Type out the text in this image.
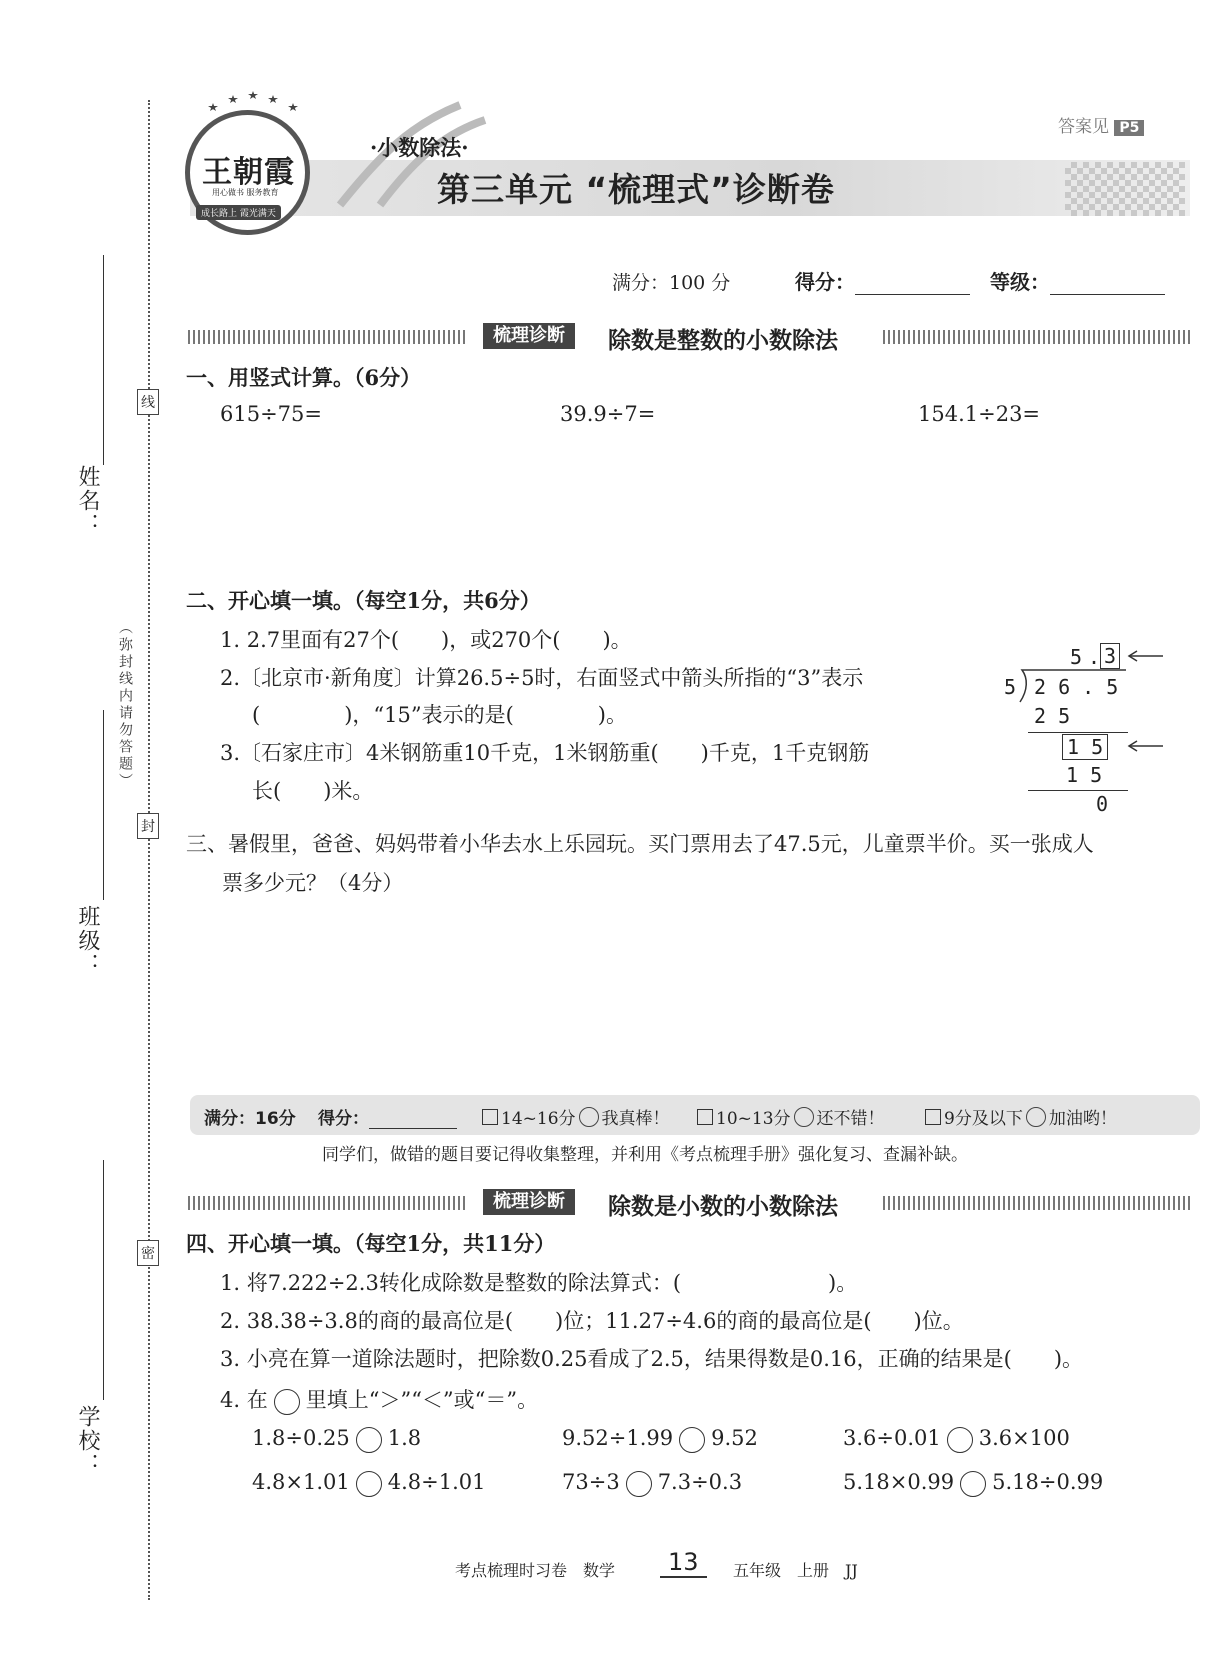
姓名：
班级：
学校：
线
封
密
（弥封线内请勿答题）
王朝霞
用心做书 服务教育
成长路上 霞光满天
·小数除法·
第三单元 “梳理式”诊断卷
答案见 P5
满分：100 分	得分：	等级：
梳理诊断	除数是整数的小数除法
一、用竖式计算。（6分）
615÷75=	39.9÷7=	154.1÷23=
二、开心填一填。（每空1分，共6分）
1. 2.7里面有27个(　　)，或270个(　　)。
2.〔北京市·新角度〕计算26.5÷5时，右面竖式中箭头所指的“3”表示
(　　　　)，“15”表示的是(　　　　)。
3.〔石家庄市〕4米钢筋重10千克，1米钢筋重(　　)千克，1千克钢筋
长(　　)米。
5 . 3
5 2 6 . 5
2 5
1 5
1 5
0
三、暑假里，爸爸、妈妈带着小华去水上乐园玩。买门票用去了47.5元，儿童票半价。买一张成人
票多少元？（4分）
满分：16分 得分：	14~16分 我真棒！	10~13分 还不错！	9分及以下 加油哟！
同学们，做错的题目要记得收集整理，并利用《考点梳理手册》强化复习、查漏补缺。
梳理诊断	除数是小数的小数除法
四、开心填一填。（每空1分，共11分）
1. 将7.222÷2.3转化成除数是整数的除法算式：(　　　　　　　)。
2. 38.38÷3.8的商的最高位是(　　)位；11.27÷4.6的商的最高位是(　　)位。
3. 小亮在算一道除法题时，把除数0.25看成了2.5，结果得数是0.16，正确的结果是(　　)。
4. 在 里填上“＞”“＜”或“＝”。
1.8÷0.25 1.8	9.52÷1.99 9.52	3.6÷0.01 3.6×100
4.8×1.01 4.8÷1.01	73÷3 7.3÷0.3	5.18×0.99 5.18÷0.99
考点梳理时习卷　数学	13	五年级　上册　JJ
